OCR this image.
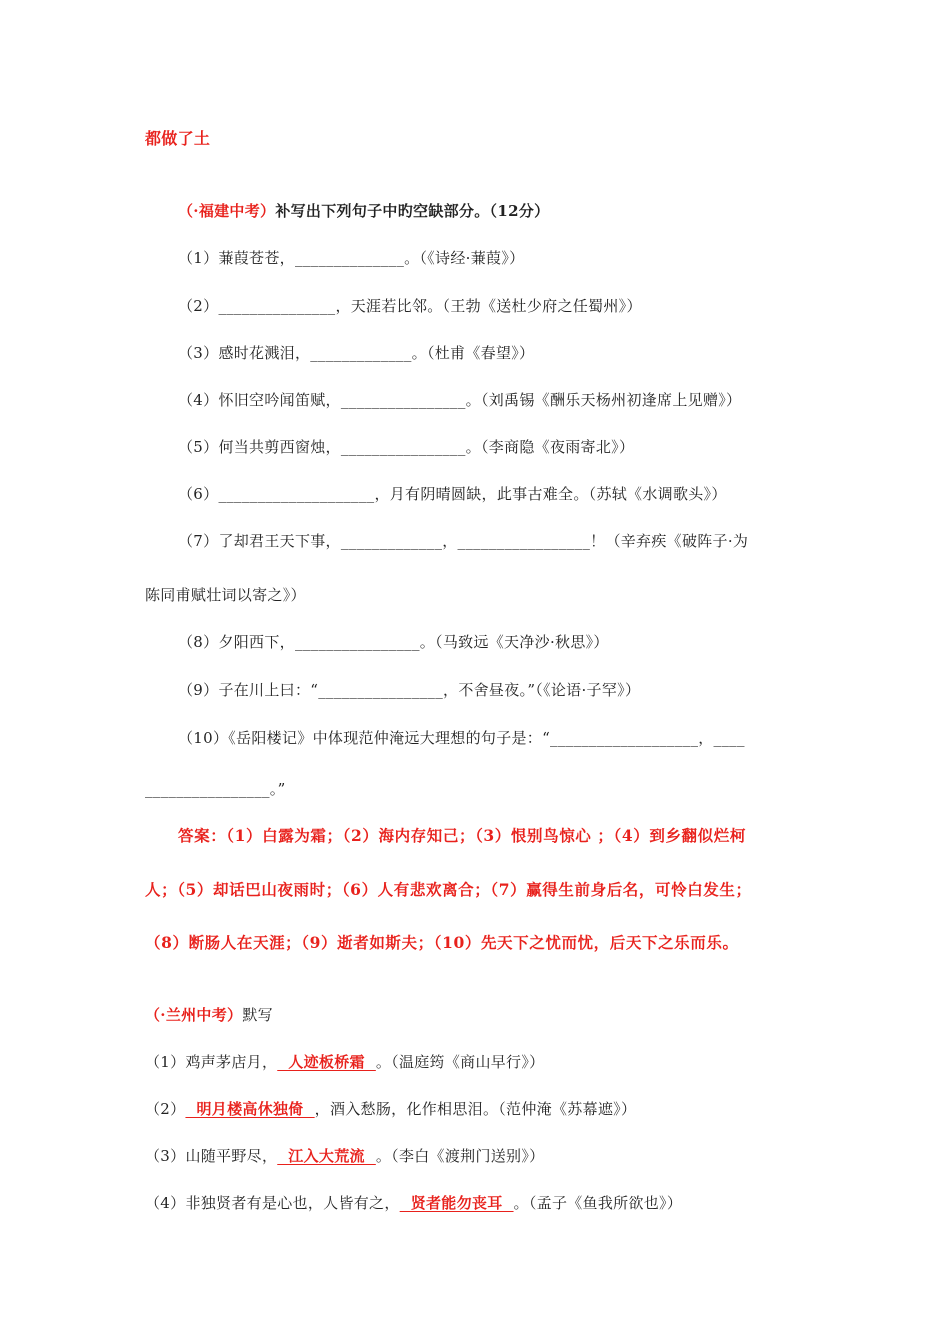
都做了土
（·福建中考）补写出下列句子中旳空缺部分。（12分）
（1）蒹葭苍苍，______________。（《诗经·蒹葭》）
（2）_______________，天涯若比邻。（王勃《送杜少府之任蜀州》）
（3）感时花溅泪，_____________。（杜甫《春望》）
（4）怀旧空吟闻笛赋，________________。（刘禹锡《酬乐天杨州初逢席上见赠》）
（5）何当共剪西窗烛，________________。（李商隐《夜雨寄北》）
（6）____________________，月有阴晴圆缺，此事古难全。（苏轼《水调歌头》）
（7）了却君王天下事，_____________，_________________！（辛弃疾《破阵子·为
陈同甫赋壮词以寄之》）
（8）夕阳西下，________________。（马致远《天净沙·秋思》）
（9）子在川上曰：“________________，不舍昼夜。”（《论语·子罕》）
（10）《岳阳楼记》中体现范仲淹远大理想的句子是：“___________________，____
________________。”
答案：（1）白露为霜；（2）海内存知己；（3）恨别鸟惊心 ；（4）到乡翻似烂柯
人；（5）却话巴山夜雨时；（6）人有悲欢离合；（7）赢得生前身后名，可怜白发生；
（8）断肠人在天涯；（9）逝者如斯夫；（10）先天下之忧而忧，后天下之乐而乐。
（·兰州中考）默写
（1）鸡声茅店月，  人迹板桥霜  。（温庭筠《商山早行》）
（2）  明月楼高休独倚  ，酒入愁肠，化作相思泪。（范仲淹《苏幕遮》）
（3）山随平野尽，  江入大荒流  。（李白《渡荆门送别》）
（4）非独贤者有是心也，人皆有之，  贤者能勿丧耳  。（孟子《鱼我所欲也》）
